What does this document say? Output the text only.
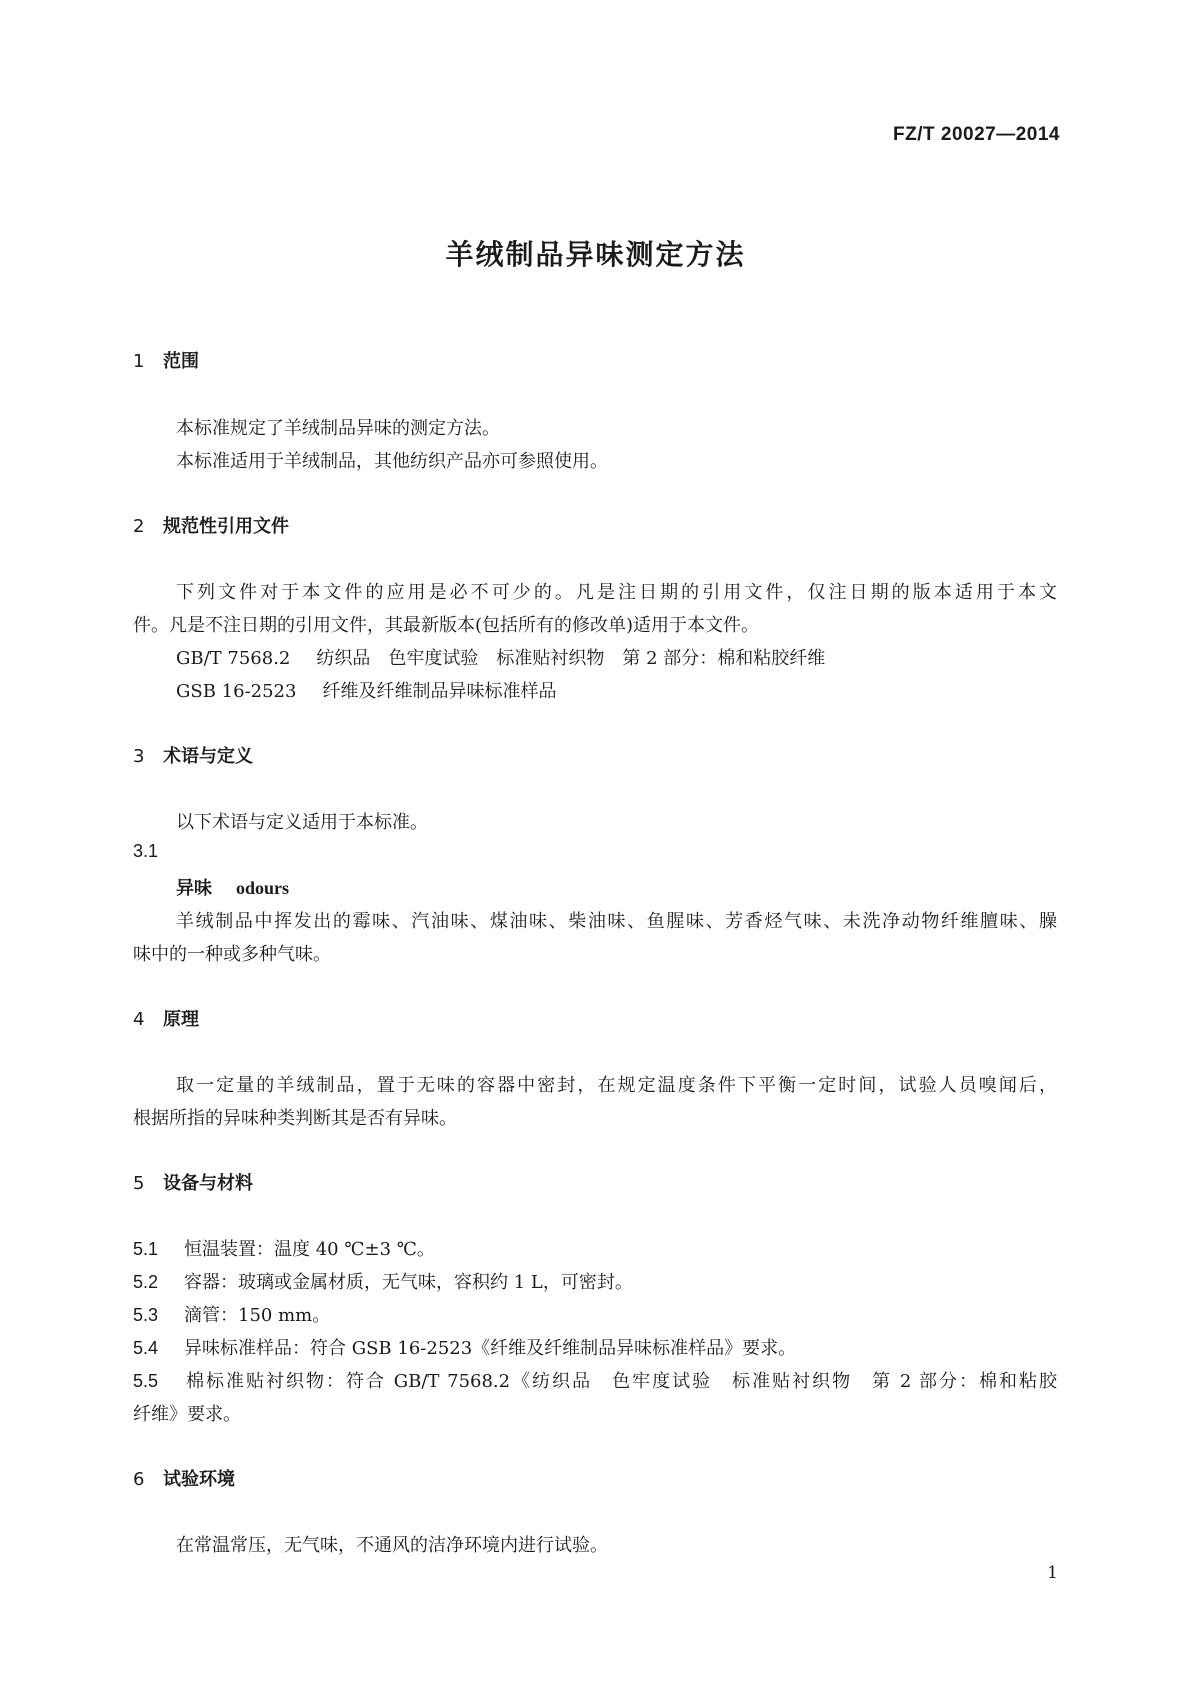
FZ/T 20027—2014
羊绒制品异味测定方法
1 范围
本标准规定了羊绒制品异味的测定方法。
本标准适用于羊绒制品，其他纺织产品亦可参照使用。
2 规范性引用文件
下列文件对于本文件的应用是必不可少的。凡是注日期的引用文件，仅注日期的版本适用于本文
件。凡是不注日期的引用文件，其最新版本(包括所有的修改单)适用于本文件。
GB/T 7568.2 纺织品　色牢度试验　标准贴衬织物　第 2 部分：棉和粘胶纤维
GSB 16-2523 纤维及纤维制品异味标准样品
3 术语与定义
以下术语与定义适用于本标准。
3.1
异味 odours
羊绒制品中挥发出的霉味、汽油味、煤油味、柴油味、鱼腥味、芳香烃气味、未洗净动物纤维膻味、臊
味中的一种或多种气味。
4 原理
取一定量的羊绒制品，置于无味的容器中密封，在规定温度条件下平衡一定时间，试验人员嗅闻后，
根据所指的异味种类判断其是否有异味。
5 设备与材料
5.1 恒温装置：温度 40 ℃±3 ℃。
5.2 容器：玻璃或金属材质，无气味，容积约 1 L，可密封。
5.3 滴管：150 mm。
5.4 异味标准样品：符合 GSB 16-2523《纤维及纤维制品异味标准样品》要求。
5.5 棉标准贴衬织物：符合 GB/T 7568.2《纺织品　色牢度试验　标准贴衬织物　第 2 部分：棉和粘胶
纤维》要求。
6 试验环境
在常温常压，无气味，不通风的洁净环境内进行试验。
1
